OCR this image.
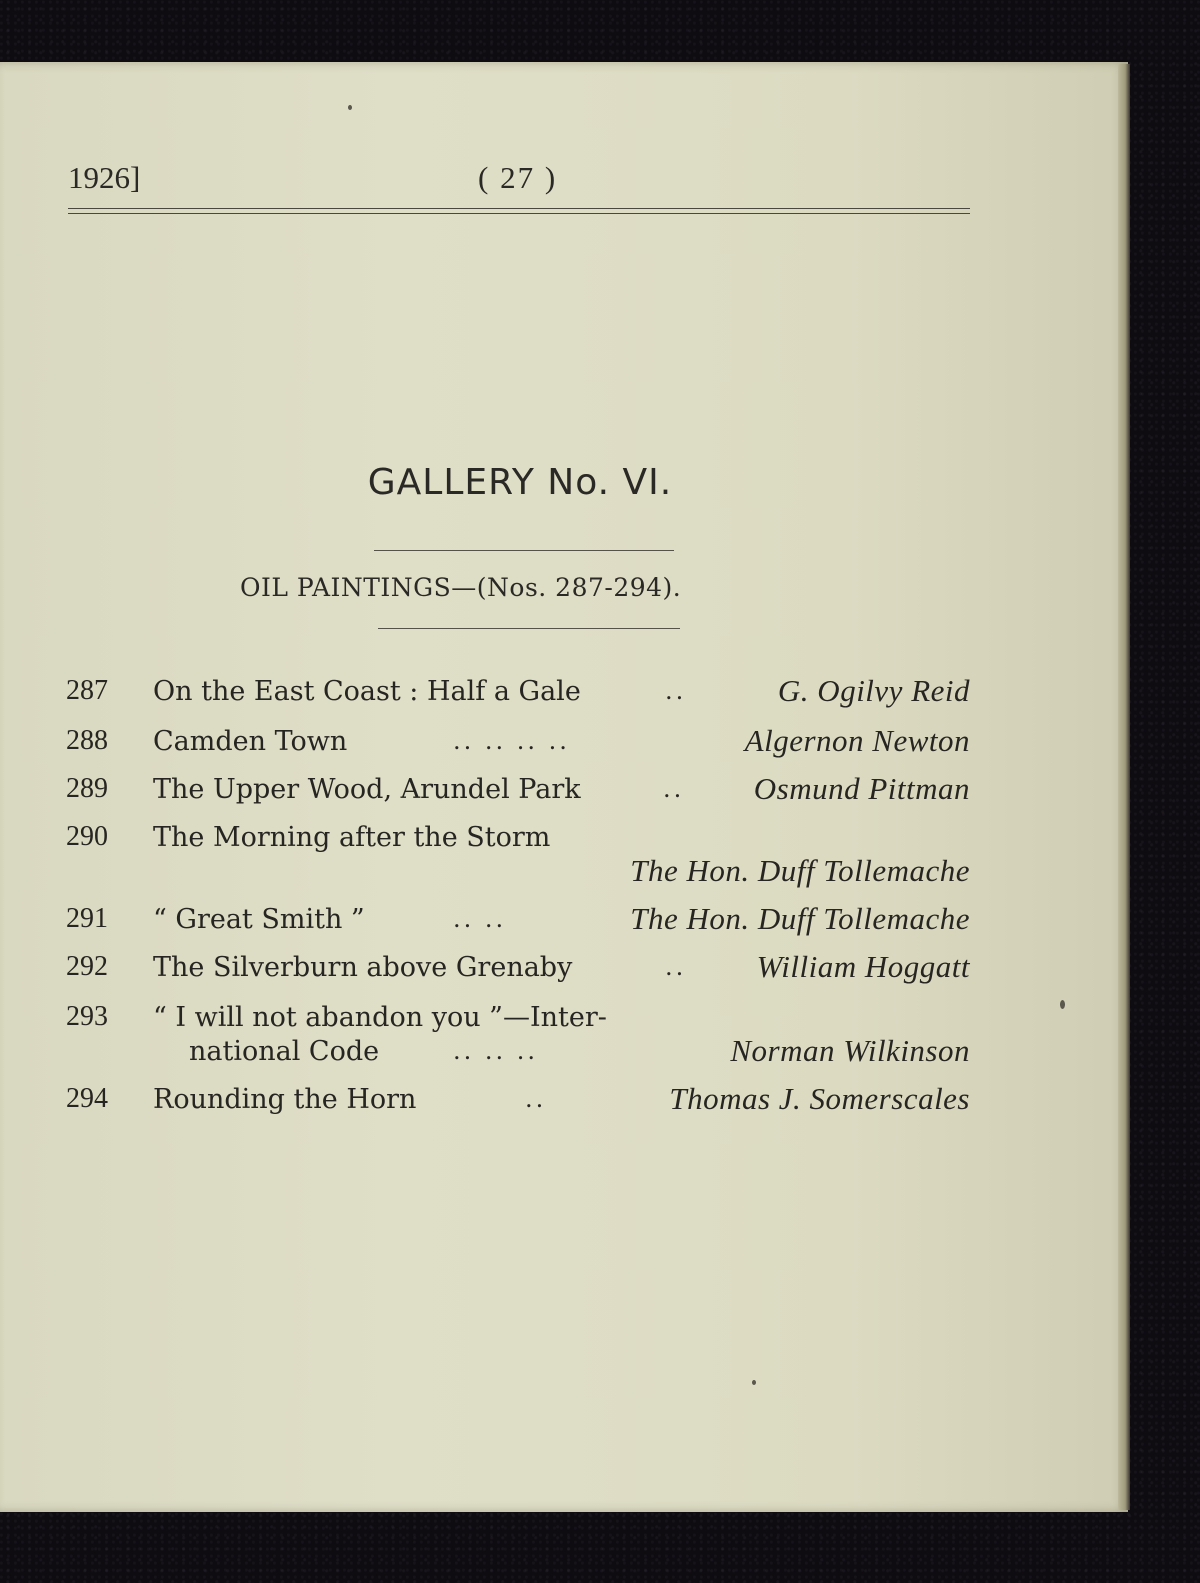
1926]	( 27 )
GALLERY No. VI.
OIL PAINTINGS—(Nos. 287-294).
287 On the East Coast : Half a Gale	..	G. Ogilvy Reid
288 Camden Town	.. .. .. ..	Algernon Newton
289 The Upper Wood, Arundel Park	.. Osmund Pittman
290 The Morning after the Storm
The Hon. Duff Tollemache
291 “ Great Smith ”	.. ..	The Hon. Duff Tollemache
292 The Silverburn above Grenaby	.. William Hoggatt
293 “ I will not abandon you ”—Inter-
national Code	.. .. ..	Norman Wilkinson
294 Rounding the Horn	..	Thomas J. Somerscales
